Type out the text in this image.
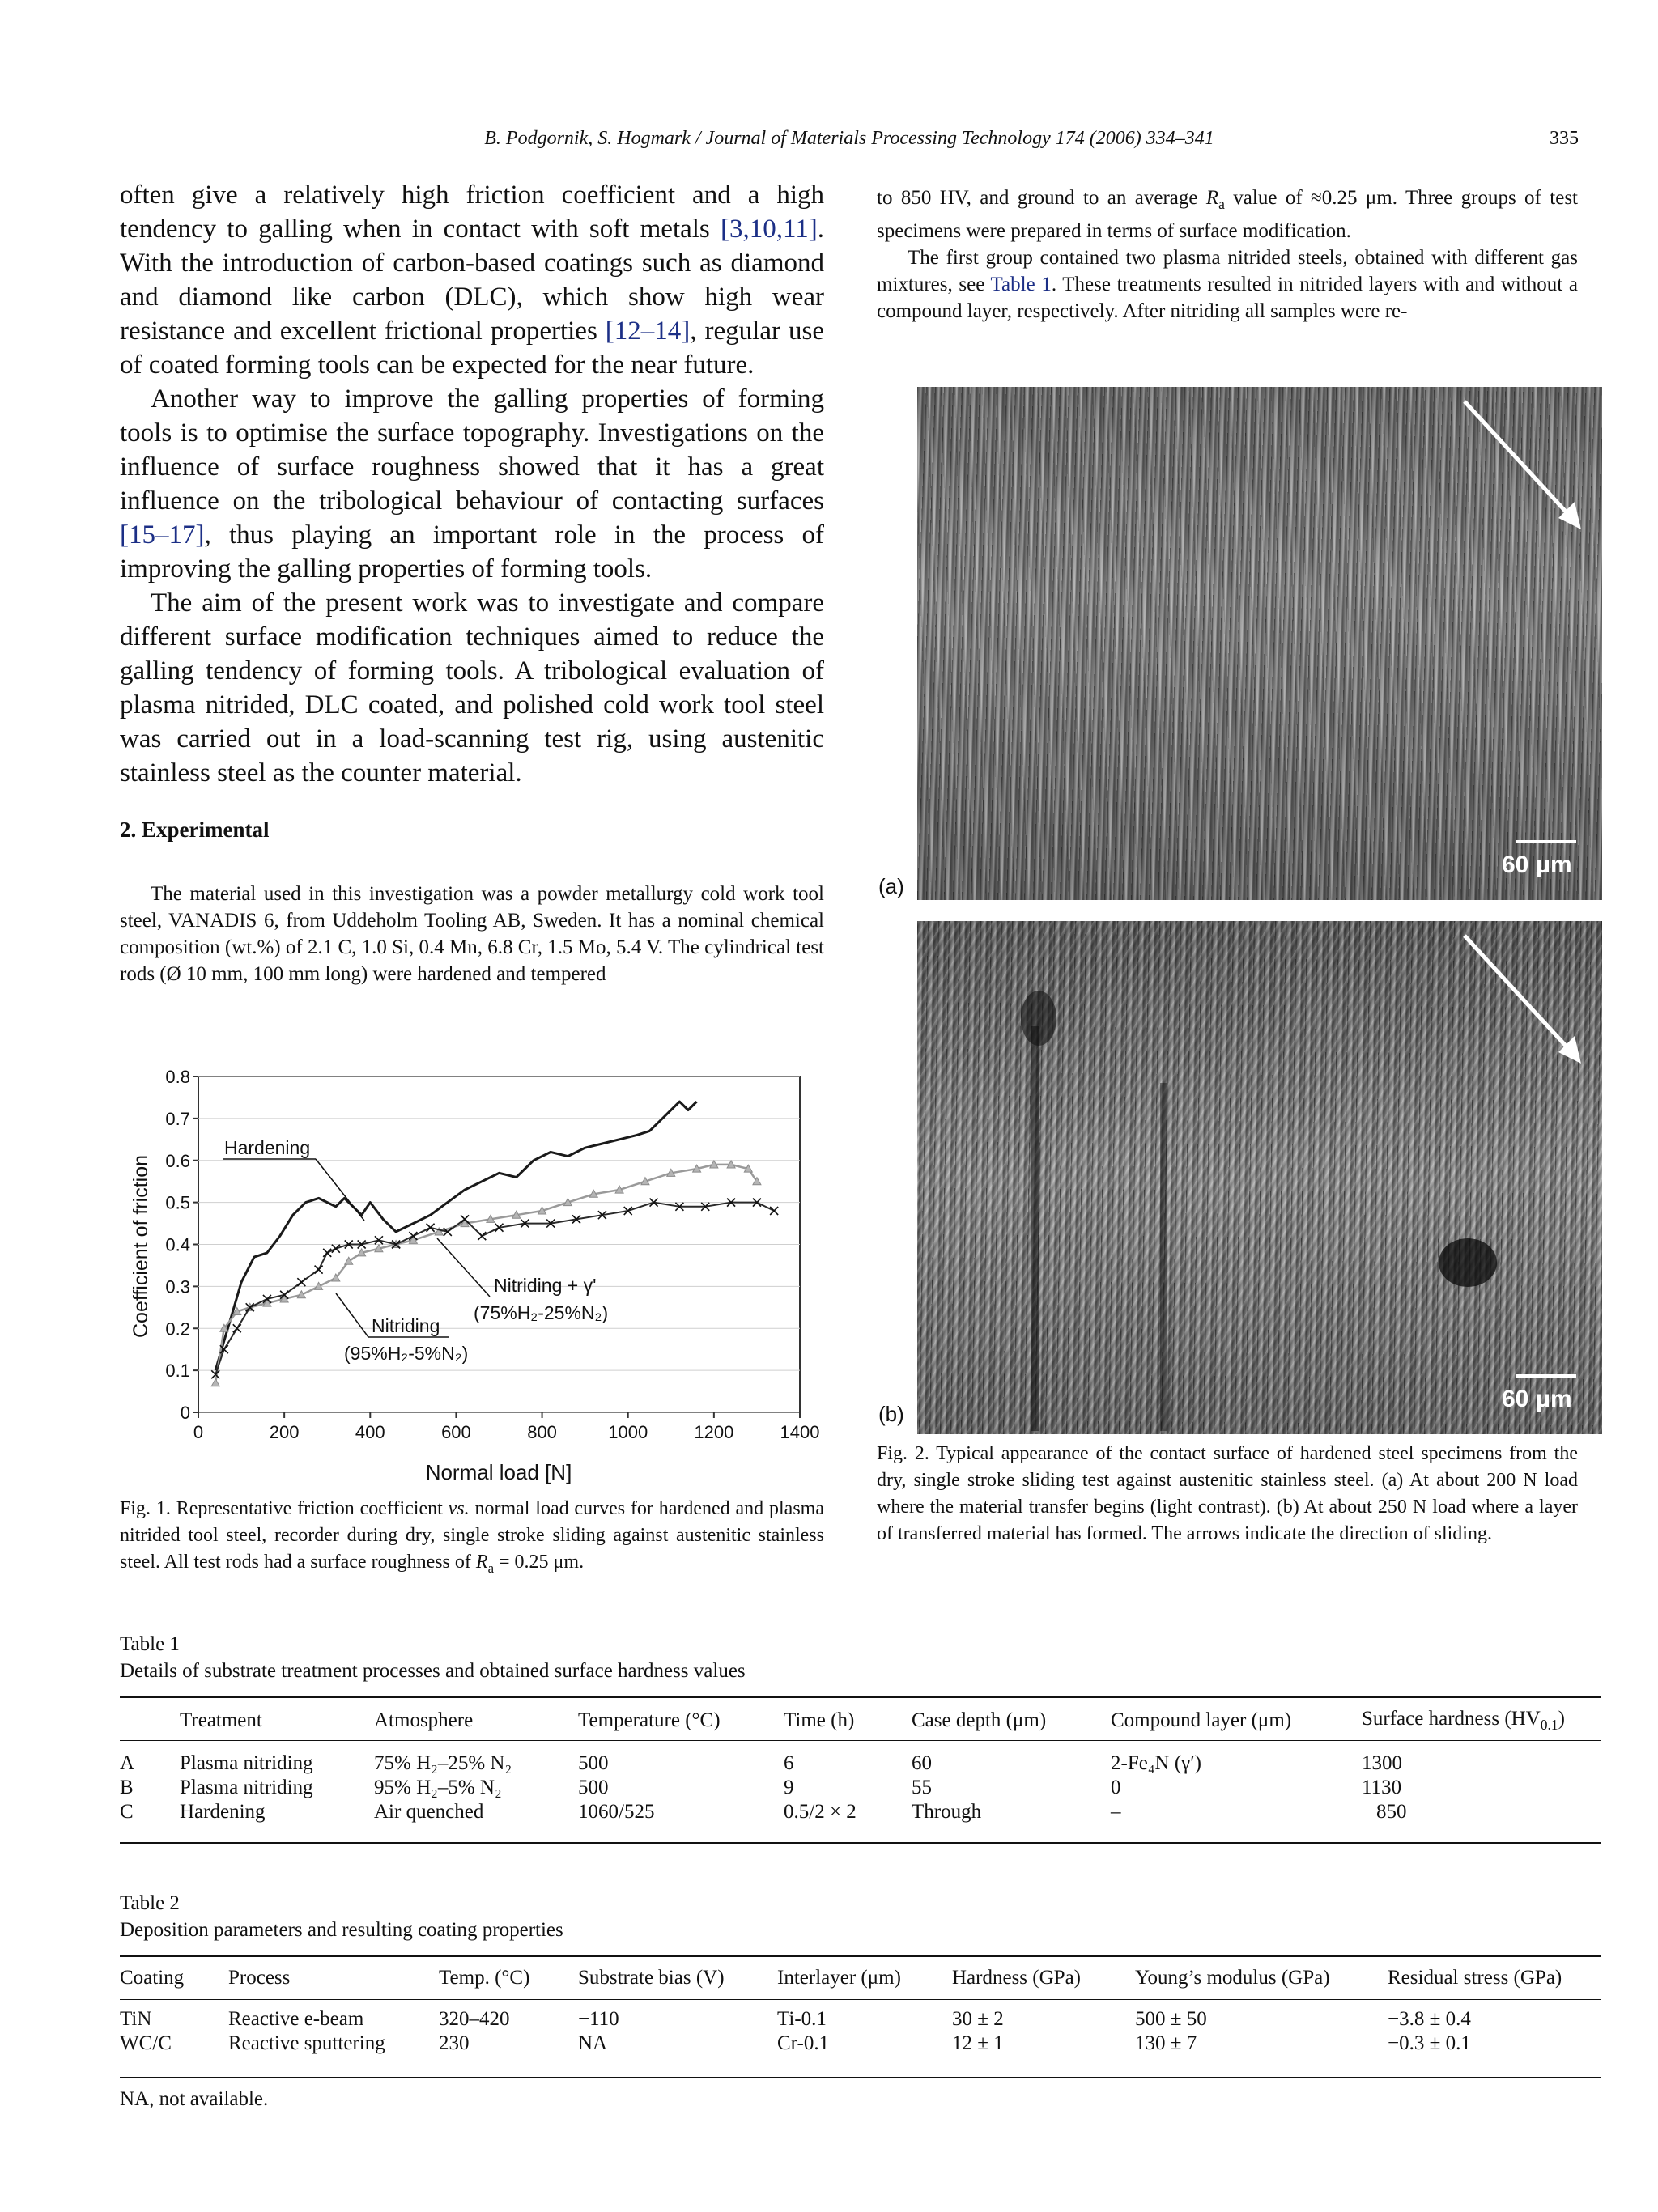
B. Podgornik, S. Hogmark / Journal of Materials Processing Technology 174 (2006) 334–341	335

often give a relatively high friction coefficient and a high tendency to galling when in contact with soft metals [3,10,11]. With the introduction of carbon-based coatings such as diamond and diamond like carbon (DLC), which show high wear resistance and excellent frictional properties [12–14], regular use of coated forming tools can be expected for the near future.

Another way to improve the galling properties of forming tools is to optimise the surface topography. Investigations on the influence of surface roughness showed that it has a great influence on the tribological behaviour of contacting surfaces [15–17], thus playing an important role in the process of improving the galling properties of forming tools.

The aim of the present work was to investigate and compare different surface modification techniques aimed to reduce the galling tendency of forming tools. A tribological evaluation of plasma nitrided, DLC coated, and polished cold work tool steel was carried out in a load-scanning test rig, using austenitic stainless steel as the counter material.

2. Experimental

The material used in this investigation was a powder metallurgy cold work tool steel, VANADIS 6, from Uddeholm Tooling AB, Sweden. It has a nominal chemical composition (wt.%) of 2.1 C, 1.0 Si, 0.4 Mn, 6.8 Cr, 1.5 Mo, 5.4 V. The cylindrical test rods (Ø 10 mm, 100 mm long) were hardened and tempered

to 850 HV, and ground to an average $R_a$ value of ≈0.25 μm. Three groups of test specimens were prepared in terms of surface modification.

The first group contained two plasma nitrided steels, obtained with different gas mixtures, see Table 1. These treatments resulted in nitrided layers with and without a compound layer, respectively. After nitriding all samples were re-

0
0.1
0.2
0.3
0.4
0.5
0.6
0.7
0.8
0	200	400	600	800	1000	1200	1400
Coefficient of friction
Normal load [N]
Hardening
Nitriding + γ'
(75%H₂-25%N₂)
Nitriding
(95%H₂-5%N₂)
Fig. 1. Representative friction coefficient vs. normal load curves for hardened and plasma nitrided tool steel, recorder during dry, single stroke sliding against austenitic stainless steel. All test rods had a surface roughness of $R_a = 0.25$ μm.
(a)
60 μm
(b)
60 μm
Fig. 2. Typical appearance of the contact surface of hardened steel specimens from the dry, single stroke sliding test against austenitic stainless steel. (a) At about 200 N load where the material transfer begins (light contrast). (b) At about 250 N load where a layer of transferred material has formed. The arrows indicate the direction of sliding.
Table 1
Details of substrate treatment processes and obtained surface hardness values
	Treatment	Atmosphere	Temperature (°C)	Time (h)	Case depth (μm)	Compound layer (μm)	Surface hardness $(HV_{0.1})$

A	Plasma nitriding	75% H₂–25% N₂	500	6	60	2-Fe₄N (γ′)	1300
B	Plasma nitriding	95% H₂–5% N₂	500	9	55	0	1130
C	Hardening	Air quenched	1060/525	0.5/2 × 2	Through	–	850
Table 2
Deposition parameters and resulting coating properties
Coating	Process	Temp. (°C)	Substrate bias (V)	Interlayer (μm)	Hardness (GPa)	Young’s modulus (GPa)	Residual stress (GPa)

TiN	Reactive e-beam	320–420	−110	Ti-0.1	30 ± 2	500 ± 50	−3.8 ± 0.4
WC/C	Reactive sputtering	230	NA	Cr-0.1	12 ± 1	130 ± 7	−0.3 ± 0.1
NA, not available.
